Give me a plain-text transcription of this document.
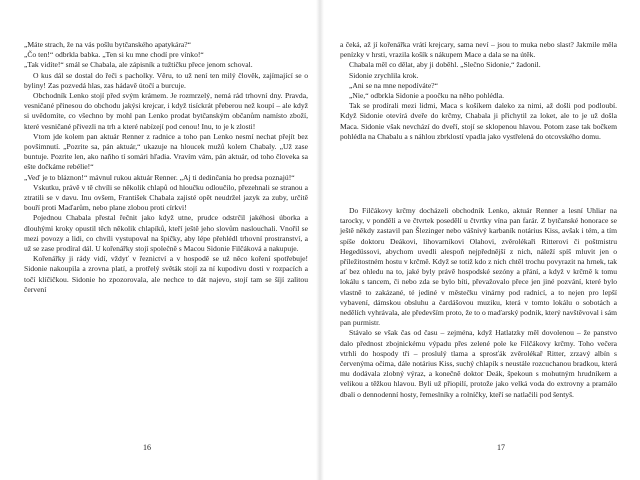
„Máte strach, že na vás pošlu bytčanského apatykára?“

„Čo ten!“ odbrkla babka. „Ten si ku mne chodí pre vínko!“

„Tak vidíte!“ smál se Chabala, ale zápisník a tužtičku přece jenom schoval.

O kus dál se dostal do řeči s pacholky. Věru, to už není ten milý člověk, zajímající se o byliny! Zas pozvedá hlas, zas hádavě útočí a burcuje.

Obchodník Lenko stojí před svým krámem. Je rozmrzelý, nemá rád trhovní dny. Pravda, vesničané přinesou do obchodu jakýsi krejcar, i když tisíckrát přeberou než koupí – ale když si uvědomíte, co všechno by mohl pan Lenko prodat bytčanským občanům namísto zboží, které vesničané přivezli na trh a které nabízejí pod cenou! Inu, to je k zlosti!

Vtom jde kolem pan aktuár Renner z radnice a toho pan Lenko nesmí nechat přejít bez povšimnutí. „Pozrite sa, pán aktuár,“ ukazuje na hloucek mužů kolem Chabaly. „Už zase buntuje. Pozrite len, ako naňho tí somári hľadia. Vravím vám, pán aktuár, od toho človeka sa ešte dočkáme rebélie!“

„Veď je to bláznon!“ mávnul rukou aktuár Renner. „Aj ti dedinčania ho predsa poznajú!“

Vskutku, právě v tě chvíli se několik chlapů od hloučku odloučilo, přezehnali se stranou a ztratili se v davu. Inu ovšem, František Chabala zajisté opět neudržel jazyk za zuby, určitě bouří proti Maďarům, nebo plane zlobou proti církvi!

Pojednou Chabala přestal řečnit jako když utne, prudce odstrčil jakéhosi úborka a dlouhými kroky opustil těch několik chlapíků, kteří ještě jeho slovům naslouchali. Vnořil se mezi povozy a lidi, co chvíli vystupoval na špičky, aby lépe přehlédl trhovní prostranství, a už se zase prodíral dál. U kořenářky stojí společně s Macou Sidonie Filčáková a nakupuje.

Kořenářky ji rády vidí, vždyť v řeznictví a v hospodě se už něco koření spotřebuje! Sidonie nakoupila a zrovna platí, a protřelý světák stojí za ní kupodivu dosti v rozpacích a točí klíčičkou. Sidonie ho zpozorovala, ale nechce to dát najevo, stojí tam se šíjí zalitou červení

a čeká, až jí kořenářka vrátí krejcary, sama neví – jsou to muka nebo slast? Jakmile měla penízky v hrsti, vrazila košík s nákupem Mace a dala se na útěk.

Chabala měl co dělat, aby ji doběhl. „Slečno Sidonie,“ žadonil.

Sidonie zrychlila krok.

„Ani se na mne nepodíváte?“

„Nie,“ odbrkla Sidonie a poočku na něho pohlédla.

Tak se prodírali mezi lidmi, Maca s košíkem daleko za nimi, až došli pod podloubí. Když Sidonie otevírá dveře do krčmy, Chabala ji přichytil za loket, ale to je už došla Maca. Sidonie však nevchází do dveří, stojí se sklopenou hlavou. Potom zase tak bočkem pohlédla na Chabalu a s náhlou zbrklostí vpadla jako vystřelená do otcovského domu.

Do Filčákovy krčmy docházeli obchodník Lenko, aktuár Renner a lesní Uhliar na tarocky, v pondělí a ve čtvrtek posedělí u čtvrtky vína pan farár. Z bytčanské honorace se ještě někdy zastavil pan Šlezinger nebo vášnivý karbaník notárius Kiss, avšak i tém, a tím spíše doktoru Deákovi, lihovarníkovi Olahovi, zvěrolékaři Ritterovi či poštmistru Hegedüssovi, abychom uvedli alespoň nejpřednější z nich, náleží spíš mluvit jen o příležitostném hostu v krčmě. Když se totiž kdo z nich chtěl trochu povyrazit na hrnek, tak ať bez ohledu na to, jaké byly právě hospodské sezóny a přání, a když v krčmě k tomu lokálu s tancem, či nebo zda se bylo bíti, převažovalo přece jen jiné pozvání, které bylo vlastně to zakázané, té jediné v městečku vinárny pod radnicí, a to nejen pro lepší vybavení, dámskou obsluhu a čardášovou muziku, která v tomto lokálu o sobotách a nedělích vyhrávala, ale především proto, že to o maďarský podnik, který navštěvoval i sám pan purmistr.

Stávalo se však čas od času – zejména, když Hatlatzky měl dovolenou – že panstvo dalo přednost zbojnickému výpadu přes zelené pole ke Filčákovy krčmy. Toho večera vtrhli do hospody tři – proslulý tlama a sprosťák zvěrolékař Ritter, zrzavý albín s červenýma očima, dále notárius Kiss, suchý chlapík s neustále rozcuchanou bradkou, která mu dodávala zlobný výraz, a konečně doktor Deák, špekoun s mohutným hrudníkem a velikou a těžkou hlavou. Byli už přiopilí, protože jako velká voda do extrovny a pramálo dbali o dennodenní hosty, řemeslníky a rolníčky, kteří se natlačili pod šentyš.

16	17
